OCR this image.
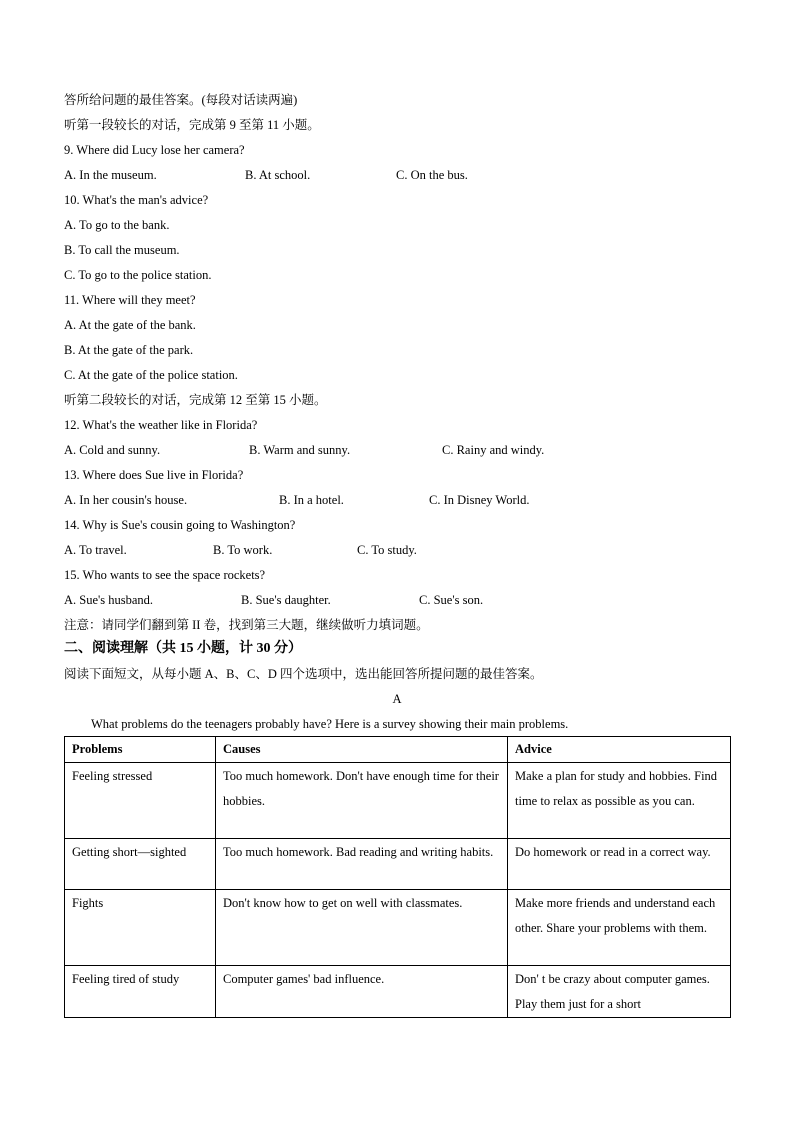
答所给问题的最佳答案。(每段对话读两遍)
听第一段较长的对话，完成第 9 至第 11 小题。
9. Where did Lucy lose her camera?
A. In the museum.	B. At school.	C. On the bus.
10. What's the man's advice?
A. To go to the bank.
B. To call the museum.
C. To go to the police station.
11. Where will they meet?
A. At the gate of the bank.
B. At the gate of the park.
C. At the gate of the police station.
听第二段较长的对话，完成第 12 至第 15 小题。
12. What's the weather like in Florida?
A. Cold and sunny.	B. Warm and sunny.	C. Rainy and windy.
13. Where does Sue live in Florida?
A. In her cousin's house.	B. In a hotel.	C. In Disney World.
14. Why is Sue's cousin going to Washington?
A. To travel.	B. To work.	C. To study.
15. Who wants to see the space rockets?
A. Sue's husband.	B. Sue's daughter.	C. Sue's son.
注意：请同学们翻到第 II 卷，找到第三大题，继续做听力填词题。
二、阅读理解（共 15 小题，计 30 分）
阅读下面短文，从每小题 A、B、C、D 四个选项中，选出能回答所提问题的最佳答案。
A
What problems do the teenagers probably have? Here is a survey showing their main problems.
Problems	Causes	Advice
Feeling stressed	Too much homework. Don't have enough time for their hobbies.	Make a plan for study and hobbies. Find time to relax as possible as you can.
Getting short—sighted	Too much homework. Bad reading and writing habits.	Do homework or read in a correct way.
Fights	Don't know how to get on well with classmates.	Make more friends and understand each other. Share your problems with them.
Feeling tired of study	Computer games' bad influence.	Don' t be crazy about computer games. Play them just for a short
